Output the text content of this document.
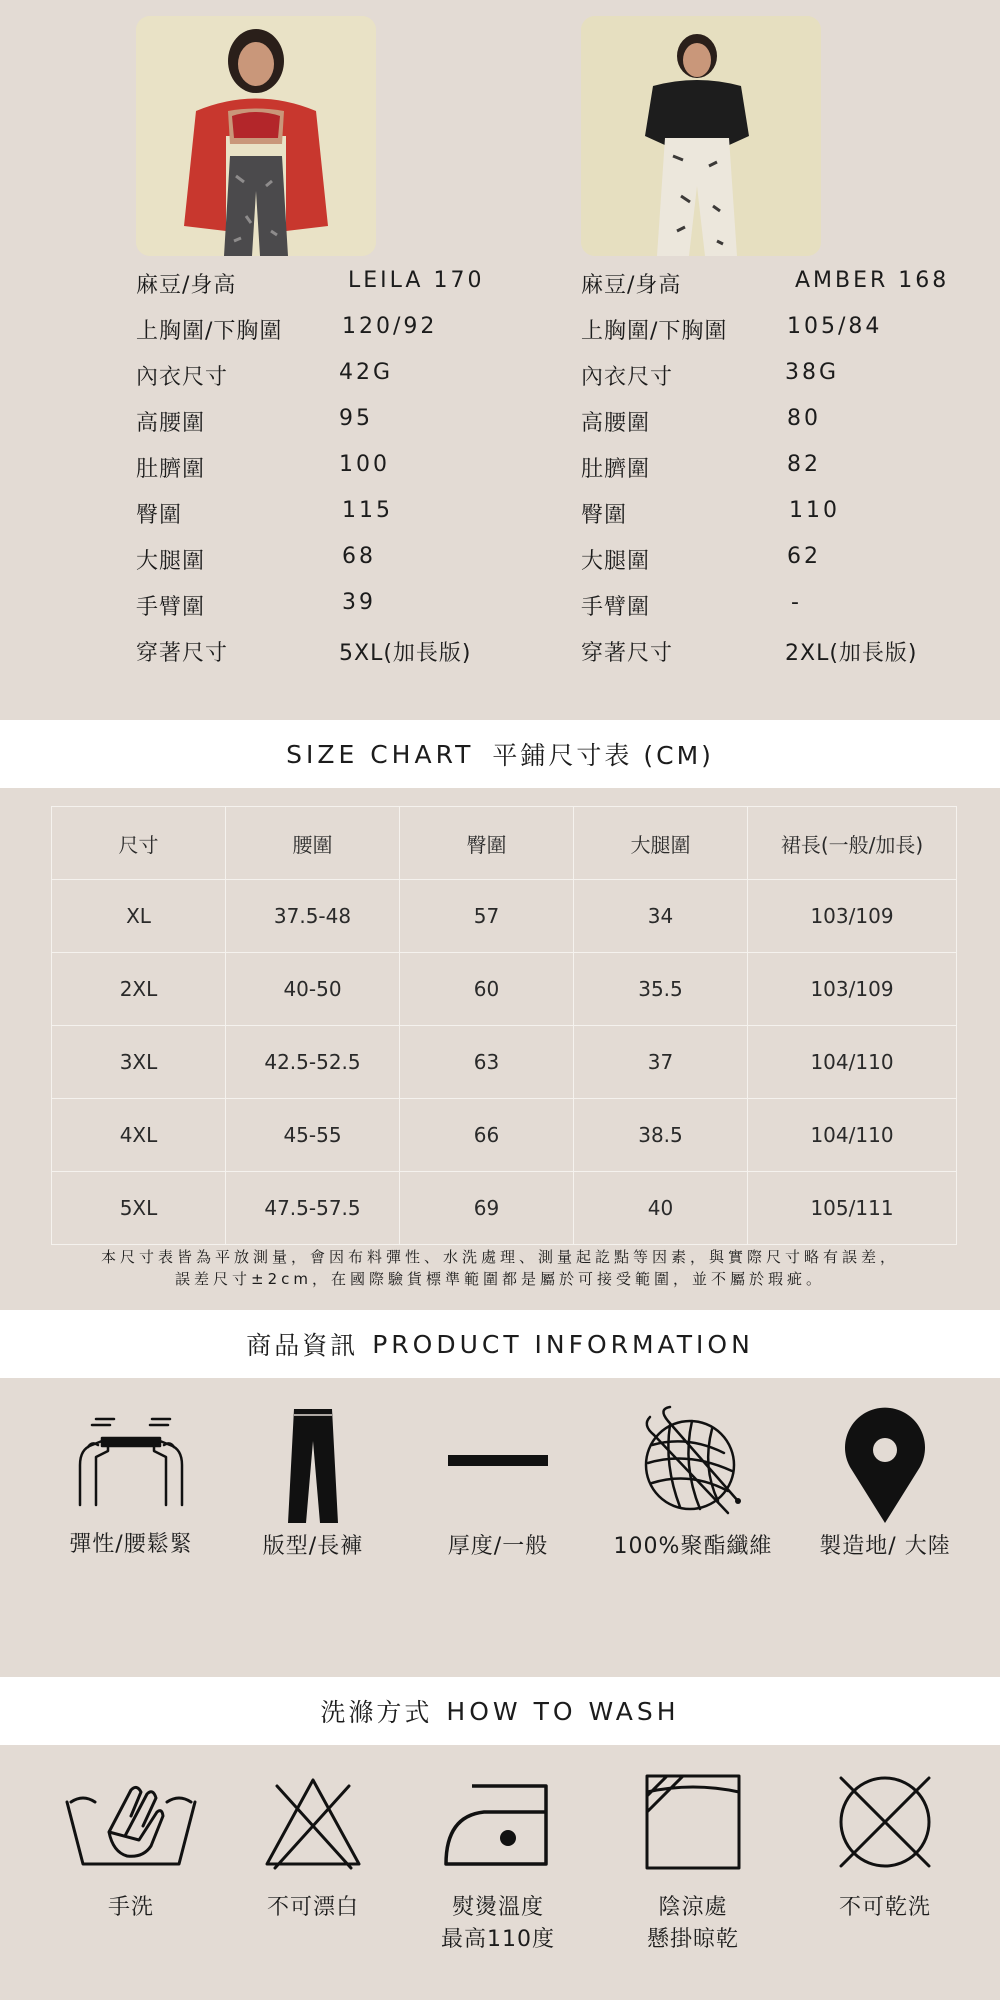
麻豆/身高	LEILA 170
上胸圍/下胸圍	120/92
內衣尺寸	42G
高腰圍	95
肚臍圍	100
臀圍	115
大腿圍	68
手臂圍	39
穿著尺寸	5XL(加長版)
麻豆/身高	AMBER 168
上胸圍/下胸圍	105/84
內衣尺寸	38G
高腰圍	80
肚臍圍	82
臀圍	110
大腿圍	62
手臂圍	-
穿著尺寸	2XL(加長版)
SIZE CHART 平鋪尺寸表 (CM)
尺寸	腰圍	臀圍	大腿圍	裙長(一般/加長)
XL	37.5-48	57	34	103/109
2XL	40-50	60	35.5	103/109
3XL	42.5-52.5	63	37	104/110
4XL	45-55	66	38.5	104/110
5XL	47.5-57.5	69	40	105/111
本尺寸表皆為平放測量，會因布料彈性、水洗處理、測量起訖點等因素，與實際尺寸略有誤差，
誤差尺寸±2cm，在國際驗貨標準範圍都是屬於可接受範圍，並不屬於瑕疵。
商品資訊 PRODUCT INFORMATION
彈性/腰鬆緊	版型/長褲	厚度/一般	100%聚酯纖維	製造地/ 大陸
洗滌方式 HOW TO WASH
手洗	不可漂白	熨燙溫度
最高110度
陰涼處
懸掛晾乾
不可乾洗
